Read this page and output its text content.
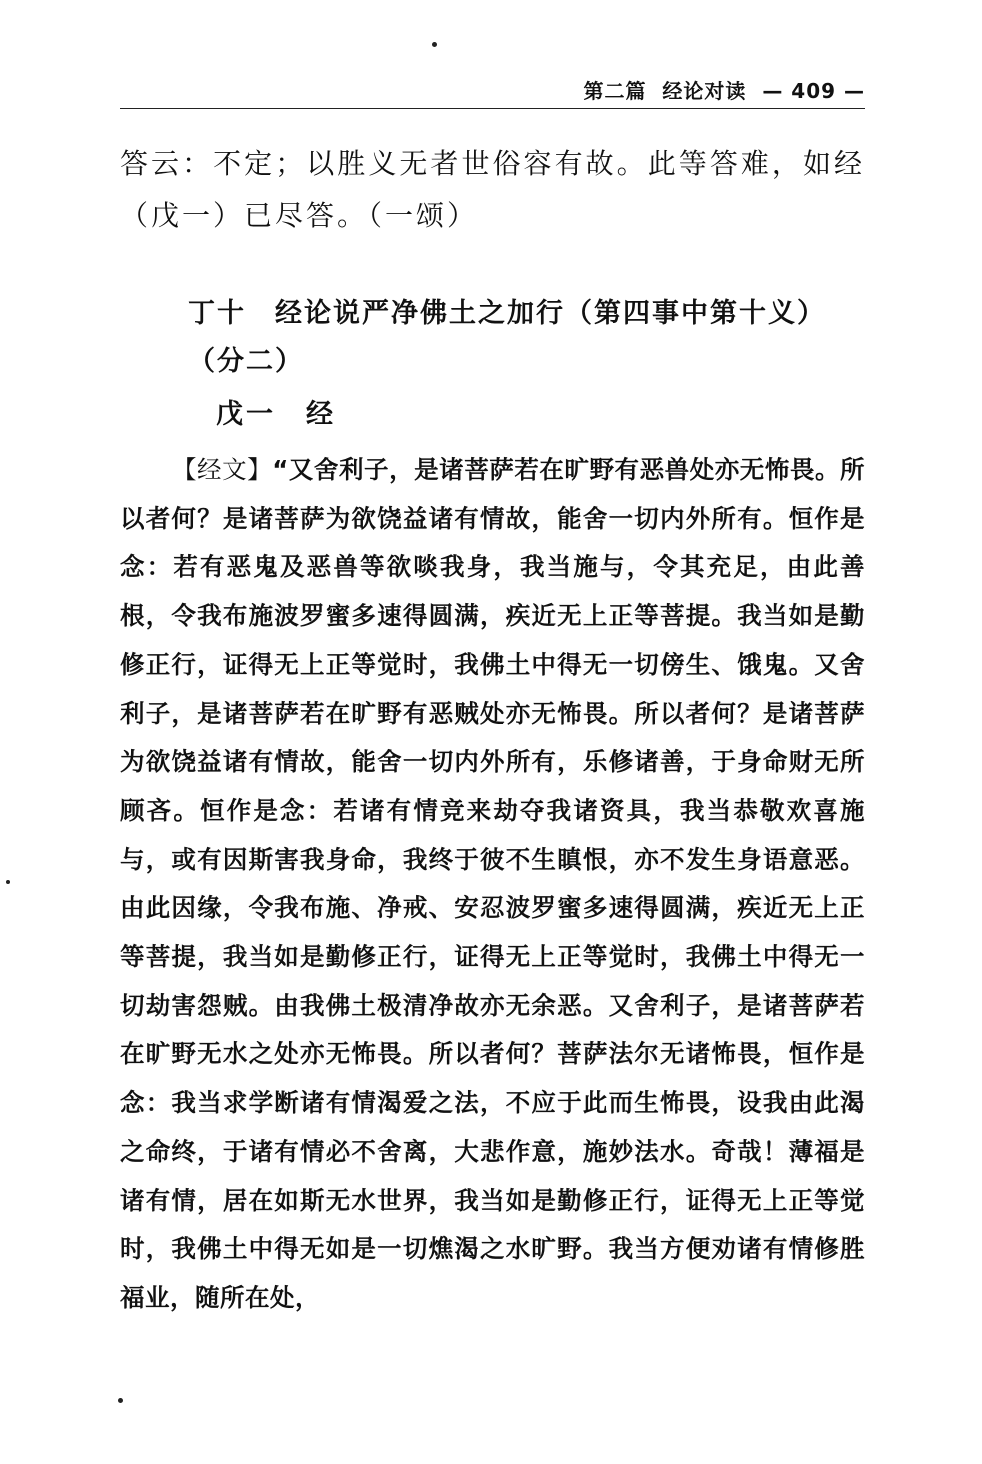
第二篇  经论对读  — 409 —
答云：不定；以胜义无者世俗容有故。此等答难，如经（戊一）已尽答。（一颂）
丁十　经论说严净佛土之加行（第四事中第十义）（分二）
戊一　经
【经文】“又舍利子，是诸菩萨若在旷野有恶兽处亦无怖畏。所以者何？是诸菩萨为欲饶益诸有情故，能舍一切内外所有。恒作是念：若有恶鬼及恶兽等欲啖我身，我当施与，令其充足，由此善根，令我布施波罗蜜多速得圆满，疾近无上正等菩提。我当如是勤修正行，证得无上正等觉时，我佛土中得无一切傍生、饿鬼。又舍利子，是诸菩萨若在旷野有恶贼处亦无怖畏。所以者何？是诸菩萨为欲饶益诸有情故，能舍一切内外所有，乐修诸善，于身命财无所顾吝。恒作是念：若诸有情竞来劫夺我诸资具，我当恭敬欢喜施与，或有因斯害我身命，我终于彼不生瞋恨，亦不发生身语意恶。由此因缘，令我布施、净戒、安忍波罗蜜多速得圆满，疾近无上正等菩提，我当如是勤修正行，证得无上正等觉时，我佛土中得无一切劫害怨贼。由我佛土极清净故亦无余恶。又舍利子，是诸菩萨若在旷野无水之处亦无怖畏。所以者何？菩萨法尔无诸怖畏，恒作是念：我当求学断诸有情渴爱之法，不应于此而生怖畏，设我由此渴之命终，于诸有情必不舍离，大悲作意，施妙法水。奇哉！薄福是诸有情，居在如斯无水世界，我当如是勤修正行，证得无上正等觉时，我佛土中得无如是一切燋渴之水旷野。我当方便劝诸有情修胜福业，随所在处，
